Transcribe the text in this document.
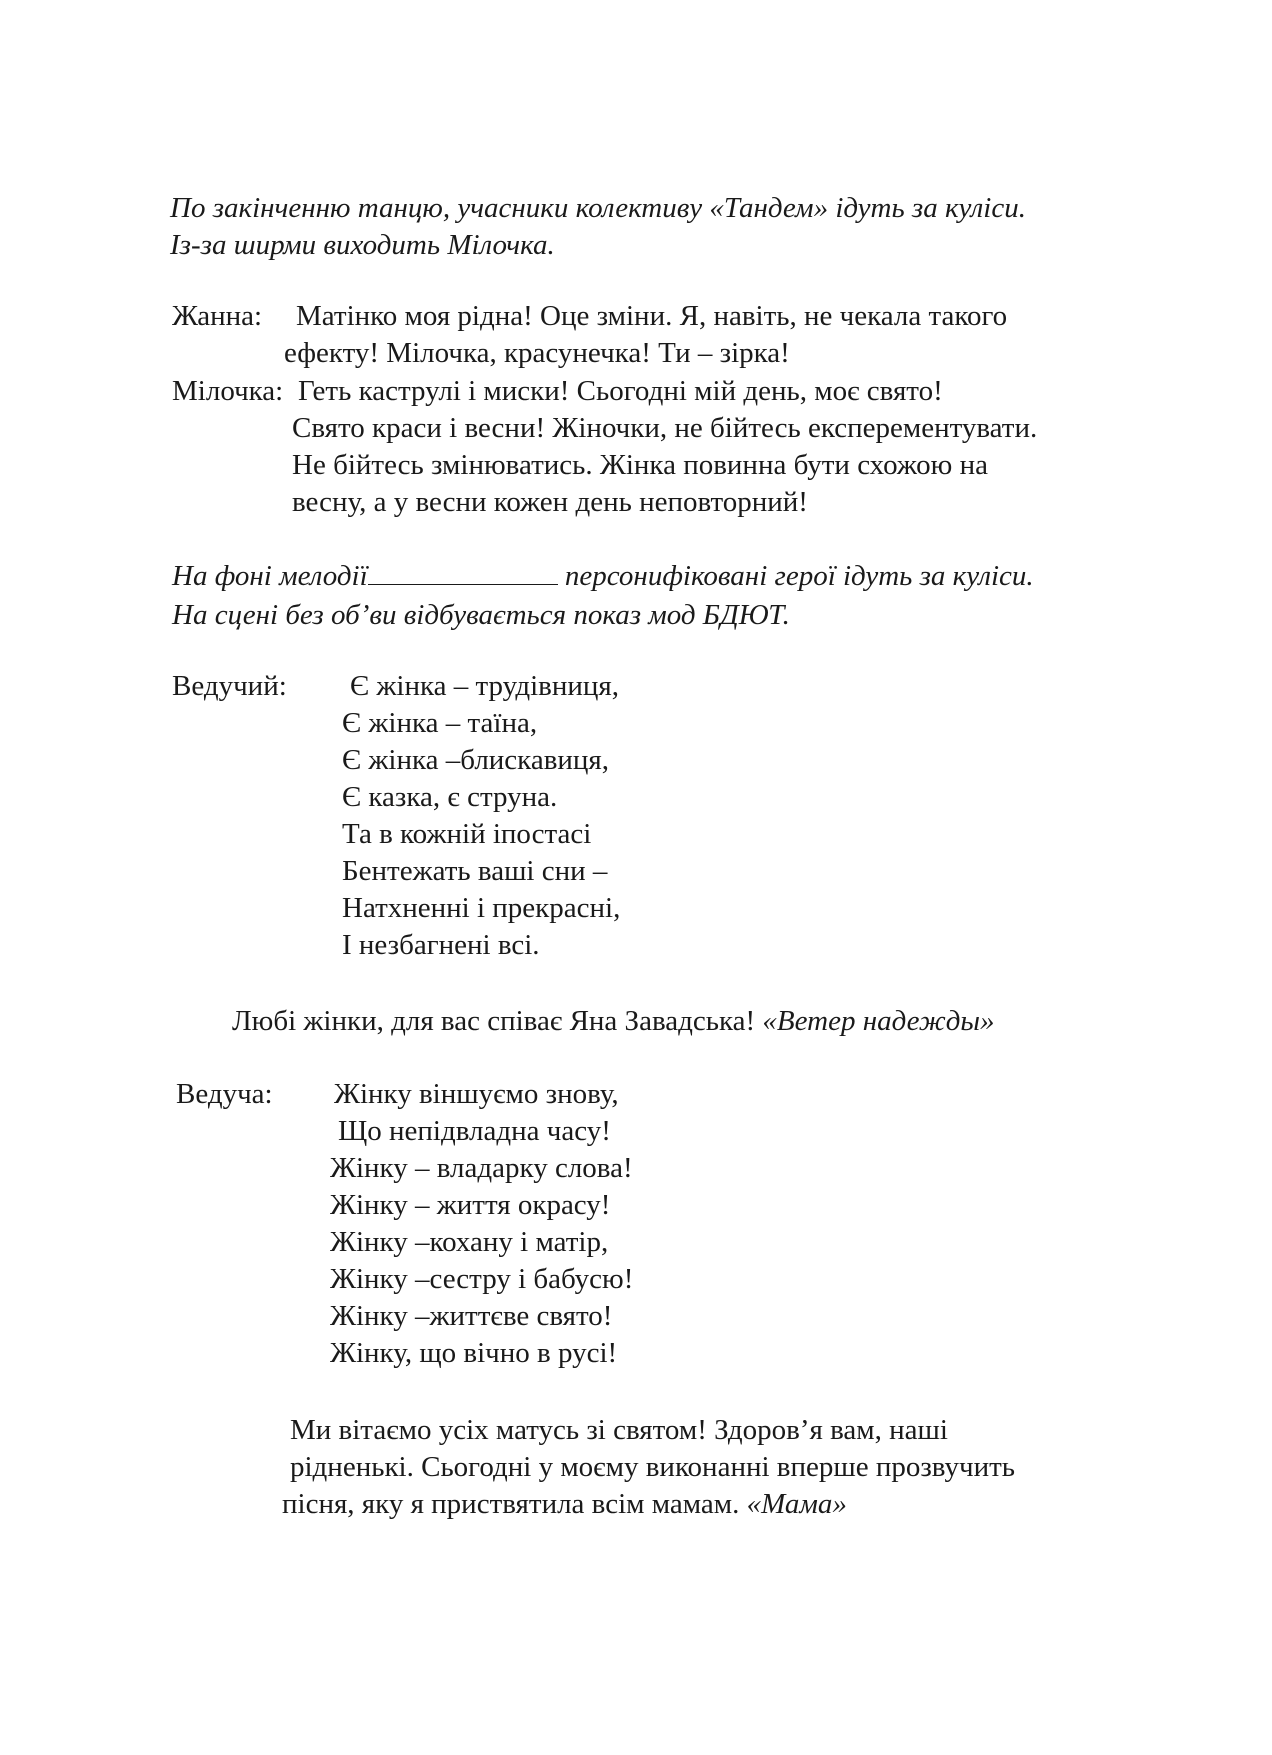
По закінченню танцю, учасники колективу «Тандем» ідуть за куліси.
Із-за ширми виходить Мілочка.
Жанна: Матінко моя рідна! Оце зміни. Я, навіть, не чекала такого
ефекту! Мілочка, красунечка! Ти – зірка!
Мілочка: Геть каструлі і миски! Сьогодні мій день, моє свято!
Свято краси і весни! Жіночки, не бійтесь експерементувати.
Не бійтесь змінюватись. Жінка повинна бути схожою на
весну, а у весни кожен день неповторний!
На фоні мелодії	персонифіковані герої ідуть за куліси.
На сцені без об’ви відбувається показ мод БДЮТ.
Ведучий: Є жінка – трудівниця,
Є жінка – таїна,
Є жінка –блискавиця,
Є казка, є струна.
Та в кожній іпостасі
Бентежать ваші сни –
Натхненні і прекрасні,
І незбагнені всі.
Любі жінки, для вас співає Яна Завадська! «Ветер надежды»
Ведуча: Жінку віншуємо знову,
Що непідвладна часу!
Жінку – владарку слова!
Жінку – життя окрасу!
Жінку –кохану і матір,
Жінку –сестру і бабусю!
Жінку –життєве свято!
Жінку, що вічно в русі!
Ми вітаємо усіх матусь зі святом! Здоров’я вам, наші
рідненькі. Сьогодні у моєму виконанні вперше прозвучить
пісня, яку я приствятила всім мамам. «Мама»
